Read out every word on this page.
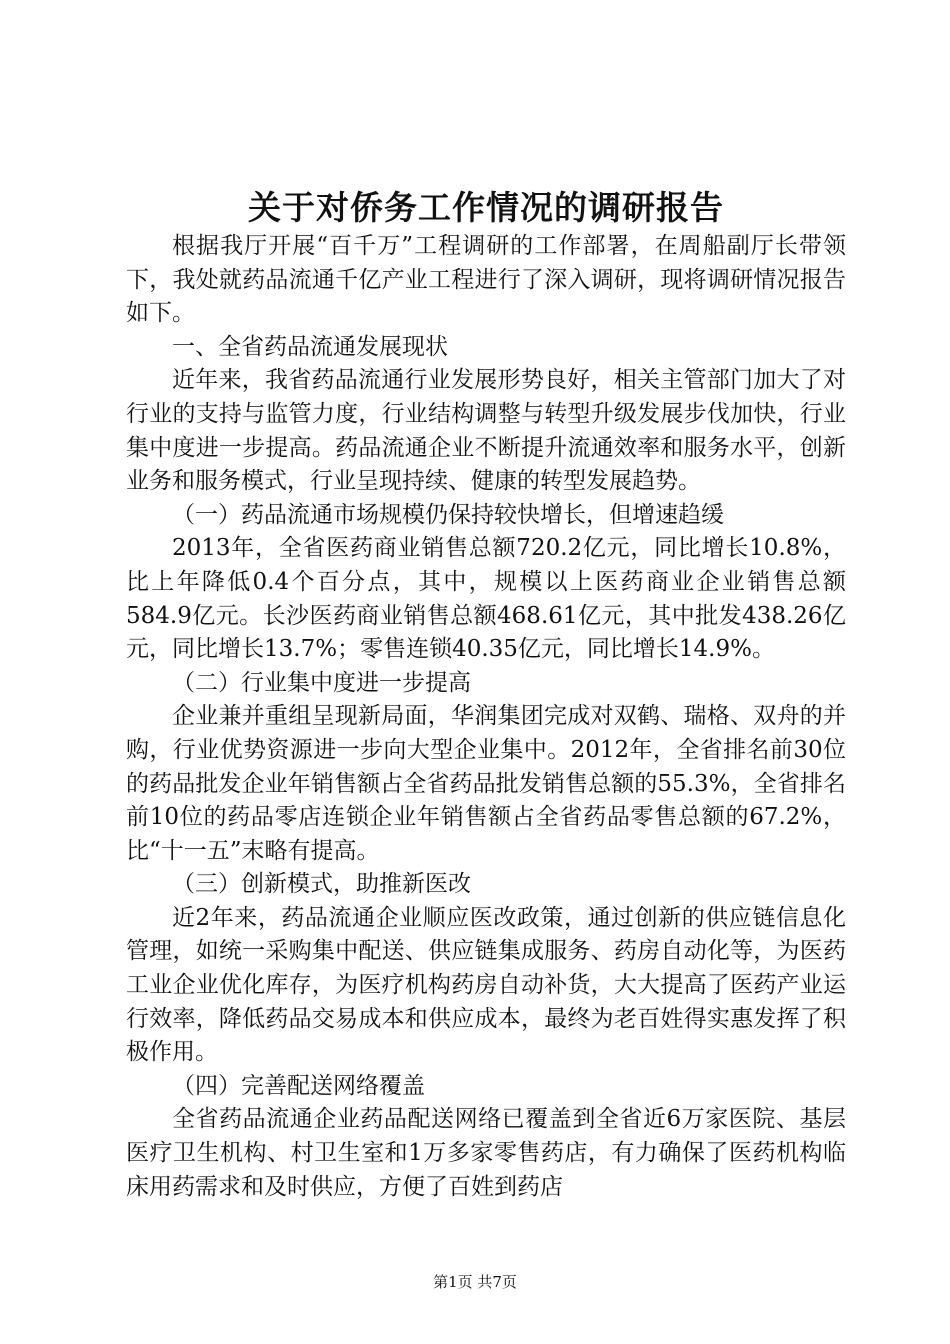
关于对侨务工作情况的调研报告

根据我厅开展“百千万”工程调研的工作部署，在周船副厅长带领下，我处就药品流通千亿产业工程进行了深入调研，现将调研情况报告如下。

一、全省药品流通发展现状

近年来，我省药品流通行业发展形势良好，相关主管部门加大了对行业的支持与监管力度，行业结构调整与转型升级发展步伐加快，行业集中度进一步提高。药品流通企业不断提升流通效率和服务水平，创新业务和服务模式，行业呈现持续、健康的转型发展趋势。

（一）药品流通市场规模仍保持较快增长，但增速趋缓

2013年，全省医药商业销售总额720.2亿元，同比增长10.8%，比上年降低0.4个百分点，其中，规模以上医药商业企业销售总额584.9亿元。长沙医药商业销售总额468.61亿元，其中批发438.26亿元，同比增长13.7%；零售连锁40.35亿元，同比增长14.9%。

（二）行业集中度进一步提高

企业兼并重组呈现新局面，华润集团完成对双鹤、瑞格、双舟的并购，行业优势资源进一步向大型企业集中。2012年，全省排名前30位的药品批发企业年销售额占全省药品批发销售总额的55.3%，全省排名前10位的药品零店连锁企业年销售额占全省药品零售总额的67.2%，比“十一五”末略有提高。

（三）创新模式，助推新医改

近2年来，药品流通企业顺应医改政策，通过创新的供应链信息化管理，如统一采购集中配送、供应链集成服务、药房自动化等，为医药工业企业优化库存，为医疗机构药房自动补货，大大提高了医药产业运行效率，降低药品交易成本和供应成本，最终为老百姓得实惠发挥了积极作用。

（四）完善配送网络覆盖

全省药品流通企业药品配送网络已覆盖到全省近6万家医院、基层医疗卫生机构、村卫生室和1万多家零售药店，有力确保了医药机构临床用药需求和及时供应，方便了百姓到药店

第1页 共7页
